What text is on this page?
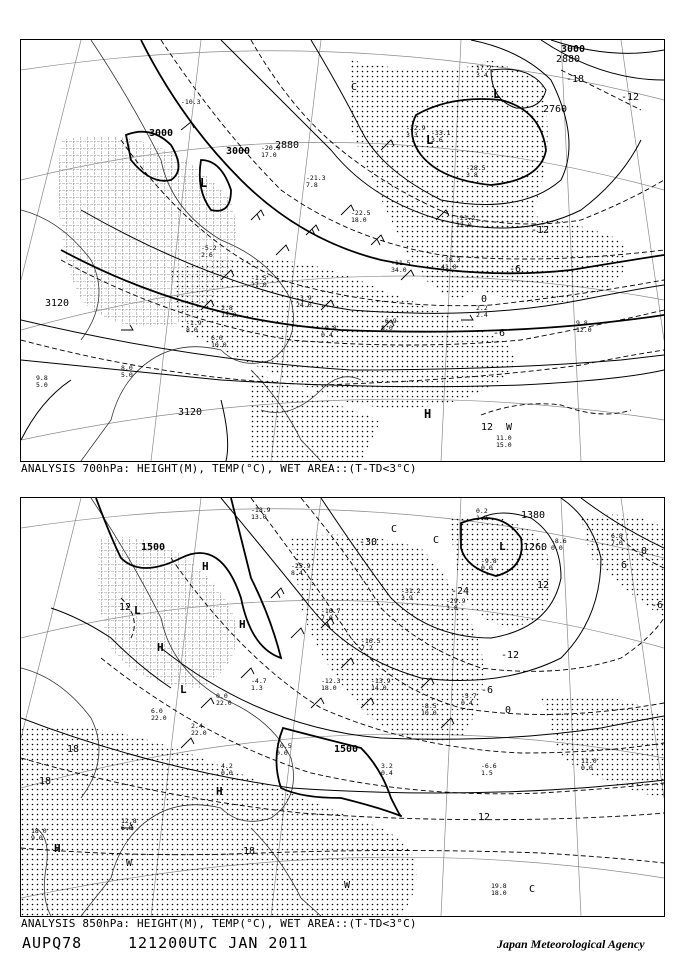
-10.3
-20.9
17.0
-21.3
7.8
-22.5
18.0
-11.5
34.0
-18.3
41.0
-5.2
2.6
-1.5
27.0
-3.9
24.0
-0.8
0.4
-6.9
8.0
2.8
13.0
6.0
10.0
-1.9
8.0
-33.1
3.6
-32.9
3.3
-28.5
3.8
-21.2
12.0
2.2
2.4
9.8
12.0
8.0
5.0
9.8
5.0
11.0
15.0
17.2
3.4
3000
3000
3000
2880
2880
2760
3120
3120
-18
-12
-12
-6
0
-6
12
L
L
L
H
C
W
ANALYSIS 700hPa: HEIGHT(M), TEMP(°C), WET AREA::(T-TD<3°C)
-18.9
13.0
-25.9
8.4
-16.7
7.0
-16.5
7.2
-31.2
3.9	-29.9
3.8
-9.8
0.0
0.2
1.2
-8.6
0.0
6.8
7.0
-5.7
0.4
-8.5
10.0
-13.9
14.0
-12.3
18.0
-4.7
1.3
0.0
22.0
2.4
22.0
6.0
22.0
4.2
0.0
10.5
0.0
3.2
0.4
-6.6
1.5
11.0
0.0
19.8
18.0
12.8
6.8
18.0
9.0
1500
1500
1380
1260
-30
-24
-12
-6
0
0
6
12
12
18
18
18
12	-6
H
H
H
H
L
L
L
H
C
C
W
W	C
ANALYSIS 850hPa: HEIGHT(M), TEMP(°C), WET AREA::(T-TD<3°C)
AUPQ78	121200UTC JAN 2011	Japan Meteorological Agency
